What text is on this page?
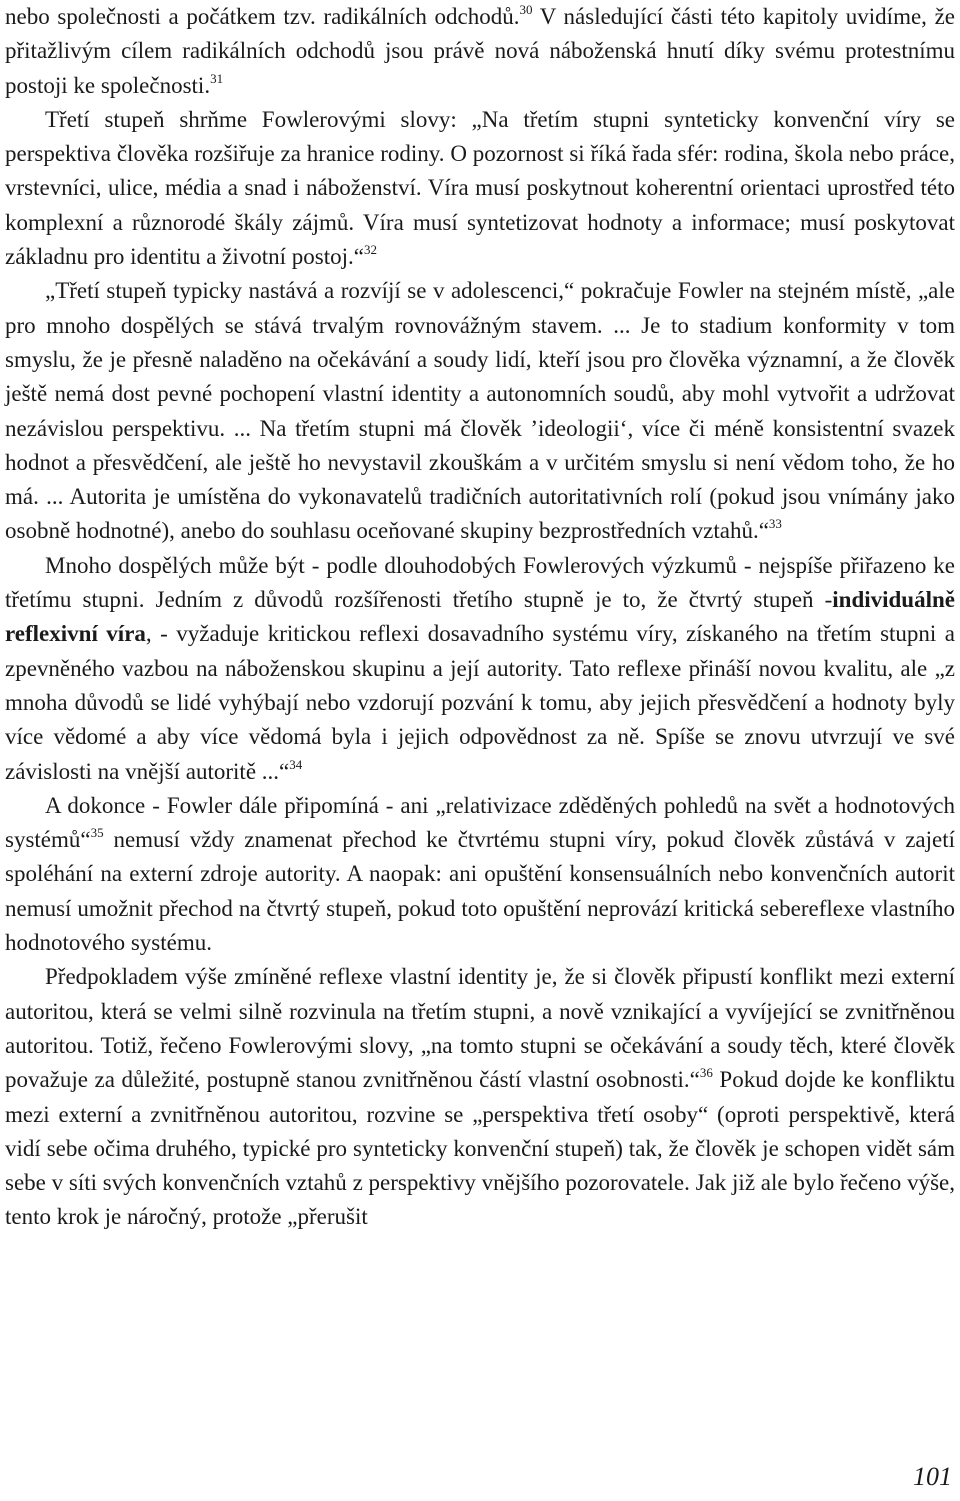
nebo společnosti a počátkem tzv. radikálních odchodů.$^{30}$ V následující části této kapitoly uvidíme, že přitažlivým cílem radikálních odchodů jsou právě nová náboženská hnutí díky svému protestnímu postoji ke společnosti.$^{31}$

Třetí stupeň shrňme Fowlerovými slovy: „Na třetím stupni synteticky konvenční víry se perspektiva člověka rozšiřuje za hranice rodiny. O pozornost si říká řada sfér: rodina, škola nebo práce, vrstevníci, ulice, média a snad i náboženství. Víra musí poskytnout koherentní orientaci uprostřed této komplexní a různorodé škály zájmů. Víra musí syntetizovat hodnoty a informace; musí poskytovat základnu pro identitu a životní postoj.“$^{32}$

„Třetí stupeň typicky nastává a rozvíjí se v adolescenci,“ pokračuje Fowler na stejném místě, „ale pro mnoho dospělých se stává trvalým rovnovážným stavem. ... Je to stadium konformity v tom smyslu, že je přesně naladěno na očekávání a soudy lidí, kteří jsou pro člověka významní, a že člověk ještě nemá dost pevné pochopení vlastní identity a autonomních soudů, aby mohl vytvořit a udržovat nezávislou perspektivu. ... Na třetím stupni má člověk ’ideologii‘, více či méně konsistentní svazek hodnot a přesvědčení, ale ještě ho nevystavil zkouškám a v určitém smyslu si není vědom toho, že ho má. ... Autorita je umístěna do vykonavatelů tradičních autoritativních rolí (pokud jsou vnímány jako osobně hodnotné), anebo do souhlasu oceňované skupiny bezprostředních vztahů.“$^{33}$

Mnoho dospělých může být - podle dlouhodobých Fowlerových výzkumů - nejspíše přiřazeno ke třetímu stupni. Jedním z důvodů rozšířenosti třetího stupně je to, že čtvrtý stupeň -individuálně reflexivní víra, - vyžaduje kritickou reflexi dosavadního systému víry, získaného na třetím stupni a zpevněného vazbou na náboženskou skupinu a její autority. Tato reflexe přináší novou kvalitu, ale „z mnoha důvodů se lidé vyhýbají nebo vzdorují pozvání k tomu, aby jejich přesvědčení a hodnoty byly více vědomé a aby více vědomá byla i jejich odpovědnost za ně. Spíše se znovu utvrzují ve své závislosti na vnější autoritě ...“$^{34}$

A dokonce - Fowler dále připomíná - ani „relativizace zděděných pohledů na svět a hodnotových systémů“$^{35}$ nemusí vždy znamenat přechod ke čtvrtému stupni víry, pokud člověk zůstává v zajetí spoléhání na externí zdroje autority. A naopak: ani opuštění konsensuálních nebo konvenčních autorit nemusí umožnit přechod na čtvrtý stupeň, pokud toto opuštění neprovází kritická sebereflexe vlastního hodnotového systému.

Předpokladem výše zmíněné reflexe vlastní identity je, že si člověk připustí konflikt mezi externí autoritou, která se velmi silně rozvinula na třetím stupni, a nově vznikající a vyvíjející se zvnitřněnou autoritou. Totiž, řečeno Fowlerovými slovy, „na tomto stupni se očekávání a soudy těch, které člověk považuje za důležité, postupně stanou zvnitřněnou částí vlastní osobnosti.“$^{36}$ Pokud dojde ke konfliktu mezi externí a zvnitřněnou autoritou, rozvine se „perspektiva třetí osoby“ (oproti perspektivě, která vidí sebe očima druhého, typické pro synteticky konvenční stupeň) tak, že člověk je schopen vidět sám sebe v síti svých konvenčních vztahů z perspektivy vnějšího pozorovatele. Jak již ale bylo řečeno výše, tento krok je náročný, protože „přerušit

101
